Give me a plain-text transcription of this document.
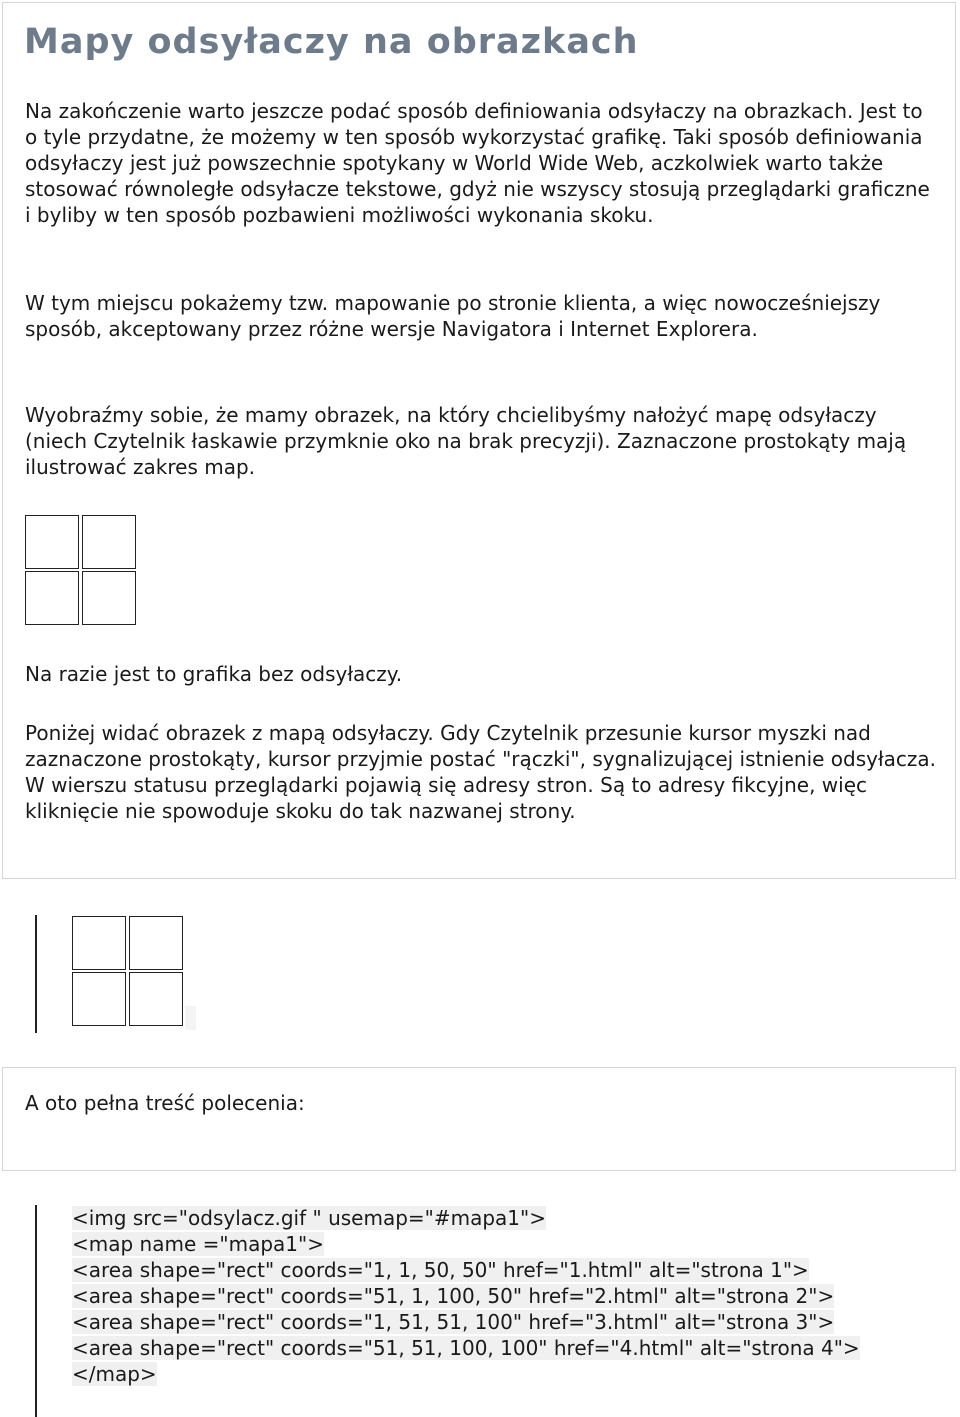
Mapy odsyłaczy na obrazkach

Na zakończenie warto jeszcze podać sposób definiowania odsyłaczy na obrazkach. Jest to o tyle przydatne, że możemy w ten sposób wykorzystać grafikę. Taki sposób definiowania odsyłaczy jest już powszechnie spotykany w World Wide Web, aczkolwiek warto także stosować równoległe odsyłacze tekstowe, gdyż nie wszyscy stosują przeglądarki graficzne i byliby w ten sposób pozbawieni możliwości wykonania skoku.

W tym miejscu pokażemy tzw. mapowanie po stronie klienta, a więc nowocześniejszy sposób, akceptowany przez różne wersje Navigatora i Internet Explorera.

Wyobraźmy sobie, że mamy obrazek, na który chcielibyśmy nałożyć mapę odsyłaczy (niech Czytelnik łaskawie przymknie oko na brak precyzji). Zaznaczone prostokąty mają ilustrować zakres map.

Na razie jest to grafika bez odsyłaczy.

Poniżej widać obrazek z mapą odsyłaczy. Gdy Czytelnik przesunie kursor myszki nad zaznaczone prostokąty, kursor przyjmie postać "rączki", sygnalizującej istnienie odsyłacza. W wierszu statusu przeglądarki pojawią się adresy stron. Są to adresy fikcyjne, więc kliknięcie nie spowoduje skoku do tak nazwanej strony.

A oto pełna treść polecenia:

<img src="odsylacz.gif " usemap="#mapa1">
<map name ="mapa1">
<area shape="rect" coords="1, 1, 50, 50" href="1.html" alt="strona 1">
<area shape="rect" coords="51, 1, 100, 50" href="2.html" alt="strona 2">
<area shape="rect" coords="1, 51, 51, 100" href="3.html" alt="strona 3">
<area shape="rect" coords="51, 51, 100, 100" href="4.html" alt="strona 4">
</map>
